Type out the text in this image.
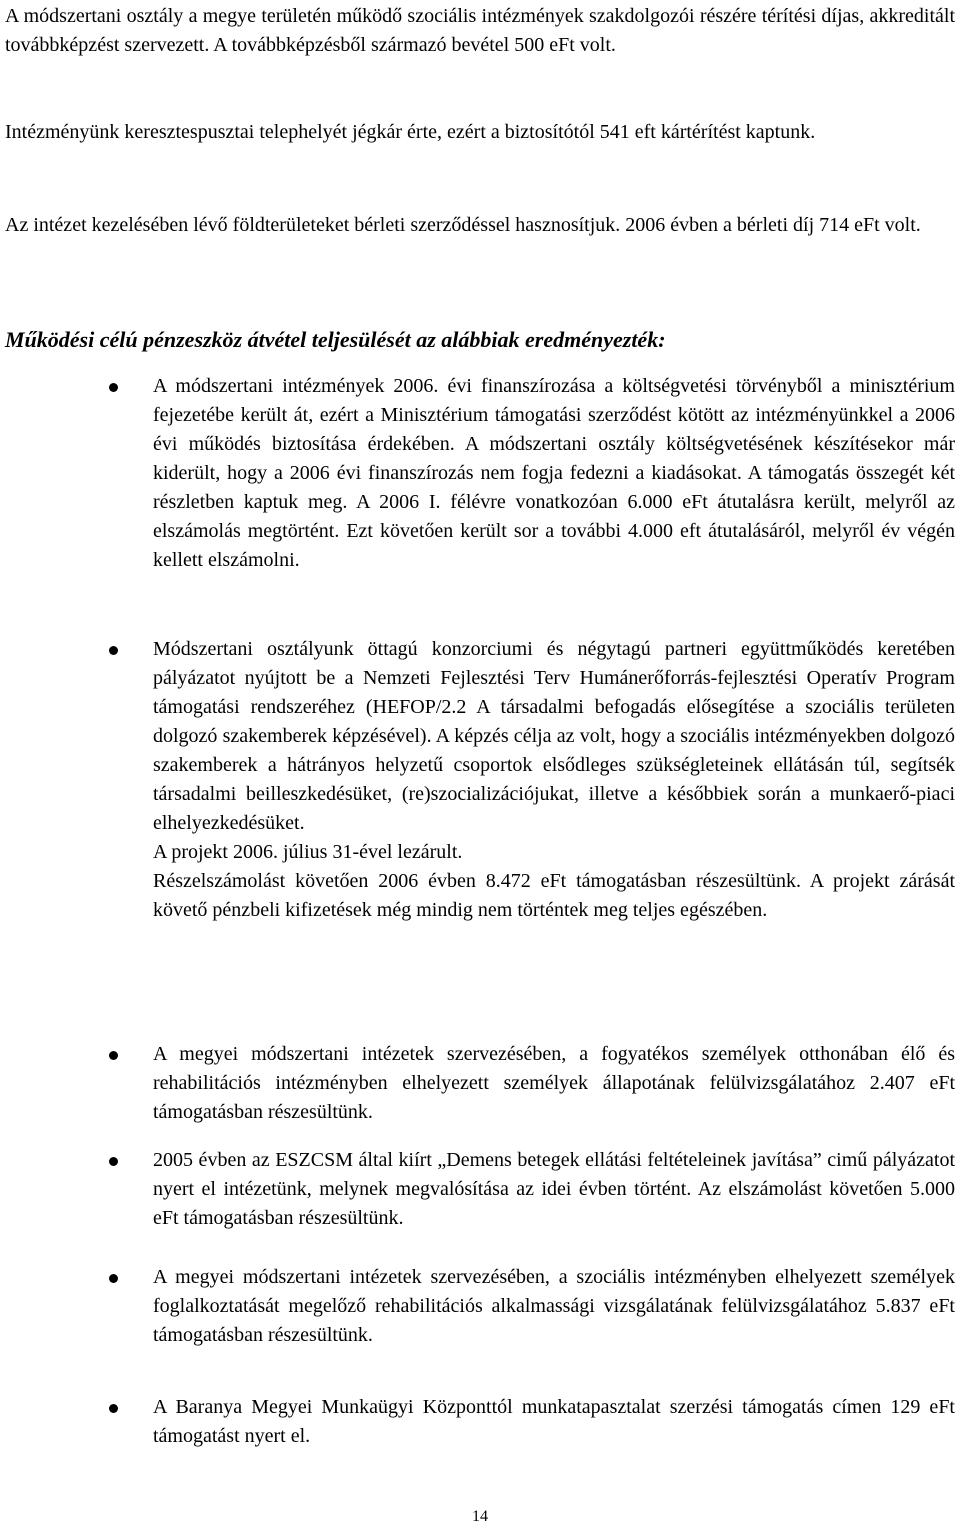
A módszertani osztály a megye területén működő szociális intézmények szakdolgozói részére térítési díjas, akkreditált továbbképzést szervezett. A továbbképzésből származó bevétel 500 eFt volt.

Intézményünk keresztespusztai telephelyét jégkár érte, ezért a biztosítótól 541 eft kártérítést kaptunk.

Az intézet kezelésében lévő földterületeket bérleti szerződéssel hasznosítjuk. 2006 évben a bérleti díj 714 eFt volt.

Működési célú pénzeszköz átvétel teljesülését az alábbiak eredményezték:
A módszertani intézmények 2006. évi finanszírozása a költségvetési törvényből a minisztérium fejezetébe került át, ezért a Minisztérium támogatási szerződést kötött az intézményünkkel a 2006 évi működés biztosítása érdekében. A módszertani osztály költségvetésének készítésekor már kiderült, hogy a 2006 évi finanszírozás nem fogja fedezni a kiadásokat. A támogatás összegét két részletben kaptuk meg. A 2006 I. félévre vonatkozóan 6.000 eFt átutalásra került, melyről az elszámolás megtörtént. Ezt követően került sor a további 4.000 eft átutalásáról, melyről év végén kellett elszámolni.
Módszertani osztályunk öttagú konzorciumi és négytagú partneri együttműködés keretében pályázatot nyújtott be a Nemzeti Fejlesztési Terv Humánerőforrás-fejlesztési Operatív Program támogatási rendszeréhez (HEFOP/2.2 A társadalmi befogadás elősegítése a szociális területen dolgozó szakemberek képzésével). A képzés célja az volt, hogy a szociális intézményekben dolgozó szakemberek a hátrányos helyzetű csoportok elsődleges szükségleteinek ellátásán túl, segítsék társadalmi beilleszkedésüket, (re)szocializációjukat, illetve a későbbiek során a munkaerő-piaci elhelyezkedésüket.
A projekt 2006. július 31-ével lezárult.
Részelszámolást követően 2006 évben 8.472 eFt támogatásban részesültünk. A projekt zárását követő pénzbeli kifizetések még mindig nem történtek meg teljes egészében.
A megyei módszertani intézetek szervezésében, a fogyatékos személyek otthonában élő és rehabilitációs intézményben elhelyezett személyek állapotának felülvizsgálatához 2.407 eFt támogatásban részesültünk.
2005 évben az ESZCSM által kiírt „Demens betegek ellátási feltételeinek javítása” cimű pályázatot nyert el intézetünk, melynek megvalósítása az idei évben történt. Az elszámolást követően 5.000 eFt támogatásban részesültünk.
A megyei módszertani intézetek szervezésében, a szociális intézményben elhelyezett személyek foglalkoztatását megelőző rehabilitációs alkalmassági vizsgálatának felülvizsgálatához 5.837 eFt támogatásban részesültünk.
A Baranya Megyei Munkaügyi Központtól munkatapasztalat szerzési támogatás címen 129 eFt támogatást nyert el.
14
